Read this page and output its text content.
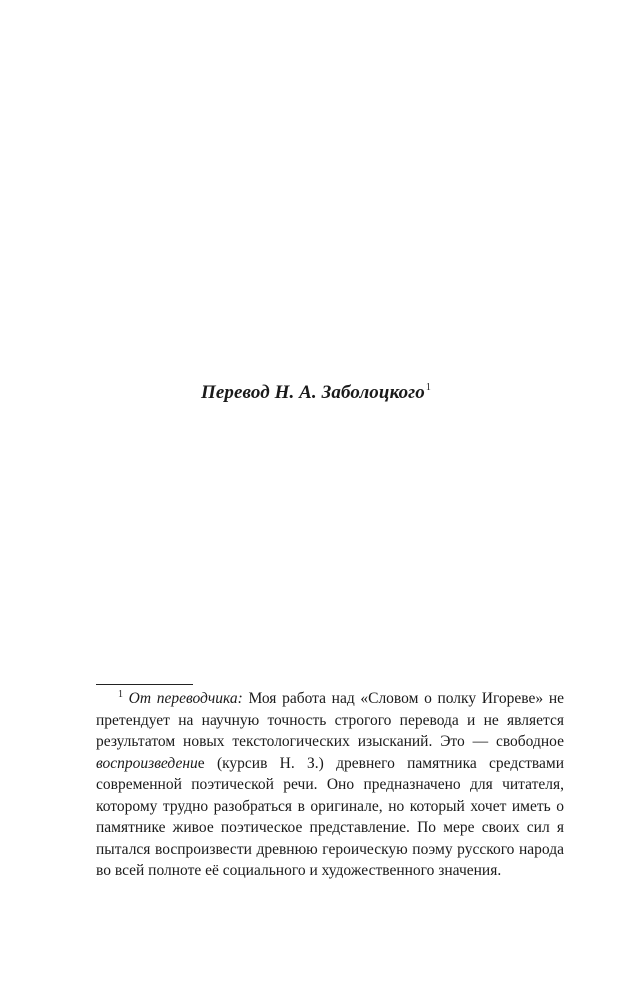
Перевод Н. А. Заболоцкого$^1$

$^1$ От переводчика: Моя работа над «Словом о полку Игореве» не претендует на научную точность строгого перевода и не является результатом новых текстологических изысканий. Это — свободное воспроизведение (курсив Н. З.) древнего памятника средствами современной поэтической речи. Оно предназначено для читателя, которому трудно разобраться в оригинале, но который хочет иметь о памятнике живое поэтическое представление. По мере своих сил я пытался воспроизвести древнюю героическую поэму русского народа во всей полноте её социального и художественного значения.
